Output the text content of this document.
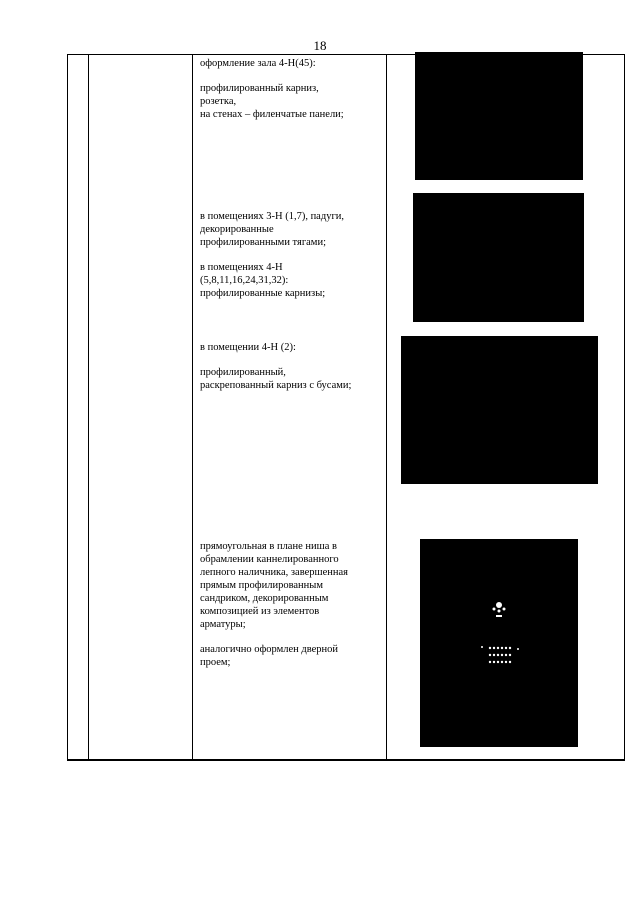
18

оформление зала 4-Н(45):

профилированный карниз,

розетка,

на стенах – филенчатые панели;

в помещениях 3-Н (1,7), падуги,

декорированные

профилированными тягами;

в помещениях 4-Н

(5,8,11,16,24,31,32):

профилированные карнизы;

в помещении 4-Н (2):

профилированный,

раскрепованный карниз с бусами;

прямоугольная в плане ниша в

обрамлении каннелированного

лепного наличника, завершенная

прямым профилированным

сандриком, декорированным

композицией из элементов

арматуры;

аналогично оформлен дверной

проем;
